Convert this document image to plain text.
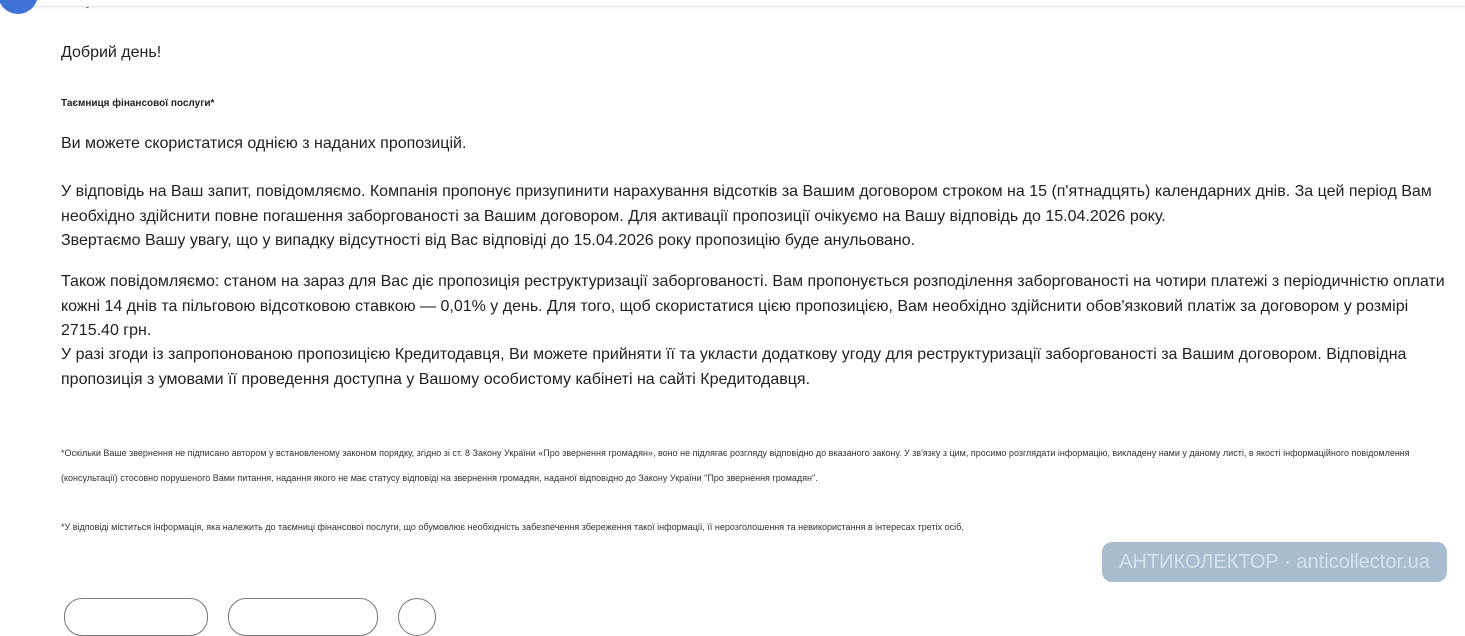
Добрий день!
Таємниця фінансової послуги*
Ви можете скористатися однією з наданих пропозицій.
У відповідь на Ваш запит, повідомляємо. Компанія пропонує призупинити нарахування відсотків за Вашим договором строком на 15 (п'ятнадцять) календарних днів. За цей період Вам необхідно здійснити повне погашення заборгованості за Вашим договором. Для активації пропозиції очікуємо на Вашу відповідь до 15.04.2026 року.
Звертаємо Вашу увагу, що у випадку відсутності від Вас відповіді до 15.04.2026 року пропозицію буде анульовано.
Також повідомляємо: станом на зараз для Вас діє пропозиція реструктуризації заборгованості. Вам пропонується розподілення заборгованості на чотири платежі з періодичністю оплати кожні 14 днів та пільговою відсотковою ставкою — 0,01% у день. Для того, щоб скористатися цією пропозицією, Вам необхідно здійснити обов'язковий платіж за договором у розмірі 2715.40 грн.
У разі згоди із запропонованою пропозицією Кредитодавця, Ви можете прийняти її та укласти додаткову угоду для реструктуризації заборгованості за Вашим договором. Відповідна пропозиція з умовами її проведення доступна у Вашому особистому кабінеті на сайті Кредитодавця.
*Оскільки Ваше звернення не підписано автором у встановленому законом порядку, згідно зі ст. 8 Закону України «Про звернення громадян», воно не підлягає розгляду відповідно до вказаного закону. У зв'язку з цим, просимо розглядати інформацію, викладену нами у даному листі, в якості інформаційного повідомлення (консультації) стосовно порушеного Вами питання, надання якого не має статусу відповіді на звернення громадян, наданої відповідно до Закону України "Про звернення громадян".
*У відповіді міститься інформація, яка належить до таємниці фінансової послуги, що обумовлює необхідність забезпечення збереження такої інформації, її нерозголошення та невикористання в інтересах третіх осіб.
АНТИКОЛЕКТОР · anticollector.ua
